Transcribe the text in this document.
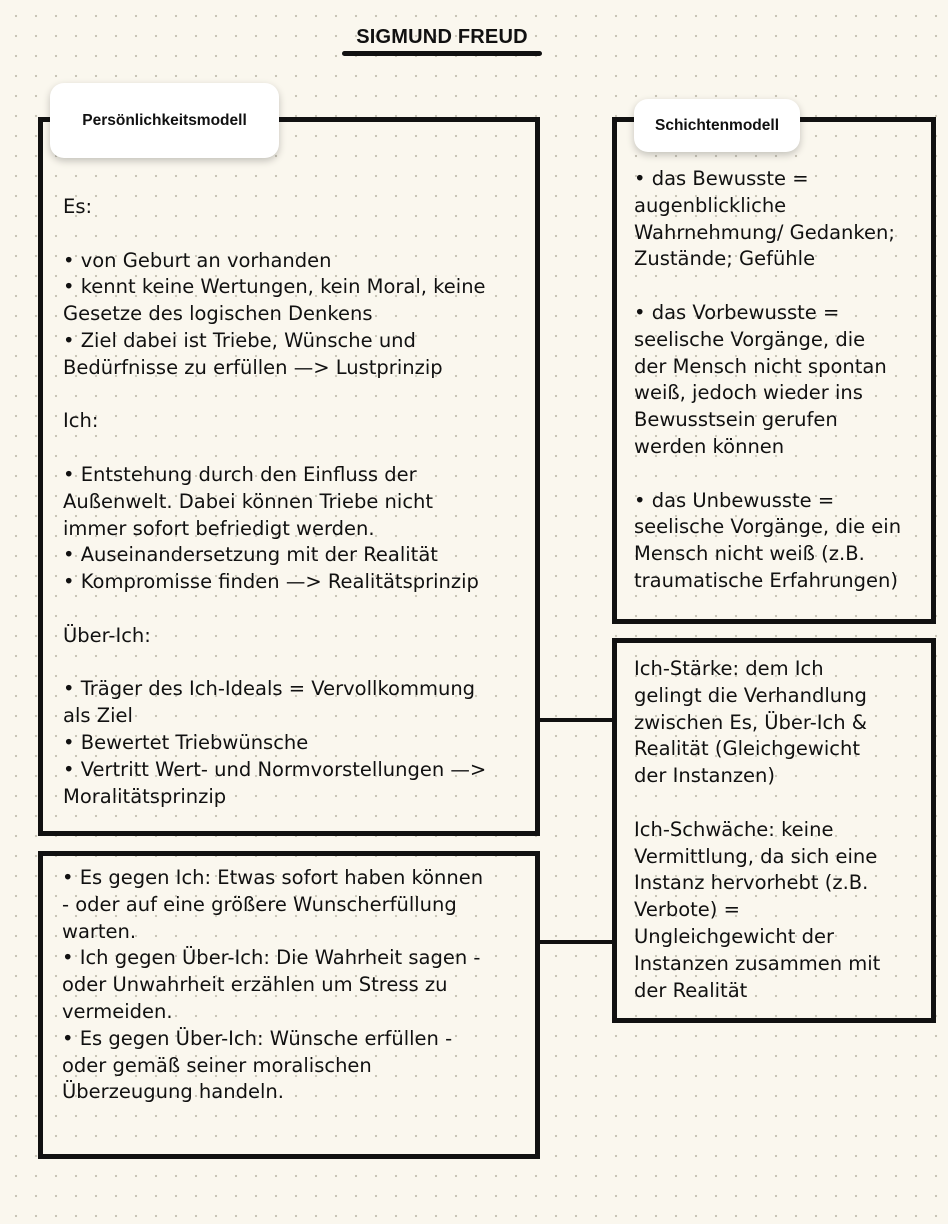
SIGMUND FREUD

Es:

• von Geburt an vorhanden
• kennt keine Wertungen, kein Moral, keine
Gesetze des logischen Denkens
• Ziel dabei ist Triebe, Wünsche und
Bedürfnisse zu erfüllen —> Lustprinzip

Ich:

• Entstehung durch den Einfluss der
Außenwelt. Dabei können Triebe nicht
immer sofort befriedigt werden.
• Auseinandersetzung mit der Realität
• Kompromisse finden —> Realitätsprinzip

Über-Ich:

• Träger des Ich-Ideals = Vervollkommung
als Ziel
• Bewertet Triebwünsche
• Vertritt Wert- und Normvorstellungen —>
Moralitätsprinzip

Persönlichkeitsmodell

• Es gegen Ich: Etwas sofort haben können
- oder auf eine größere Wunscherfüllung
warten.
• Ich gegen Über-Ich: Die Wahrheit sagen -
oder Unwahrheit erzählen um Stress zu
vermeiden.
• Es gegen Über-Ich: Wünsche erfüllen -
oder gemäß seiner moralischen
Überzeugung handeln.

• das Bewusste =
augenblickliche
Wahrnehmung/ Gedanken;
Zustände; Gefühle

• das Vorbewusste =
seelische Vorgänge, die
der Mensch nicht spontan
weiß, jedoch wieder ins
Bewusstsein gerufen
werden können

• das Unbewusste =
seelische Vorgänge, die ein
Mensch nicht weiß (z.B.
traumatische Erfahrungen)

Schichtenmodell

Ich-Stärke: dem Ich
gelingt die Verhandlung
zwischen Es, Über-Ich &
Realität (Gleichgewicht
der Instanzen)

Ich-Schwäche: keine
Vermittlung, da sich eine
Instanz hervorhebt (z.B.
Verbote) =
Ungleichgewicht der
Instanzen zusammen mit
der Realität
